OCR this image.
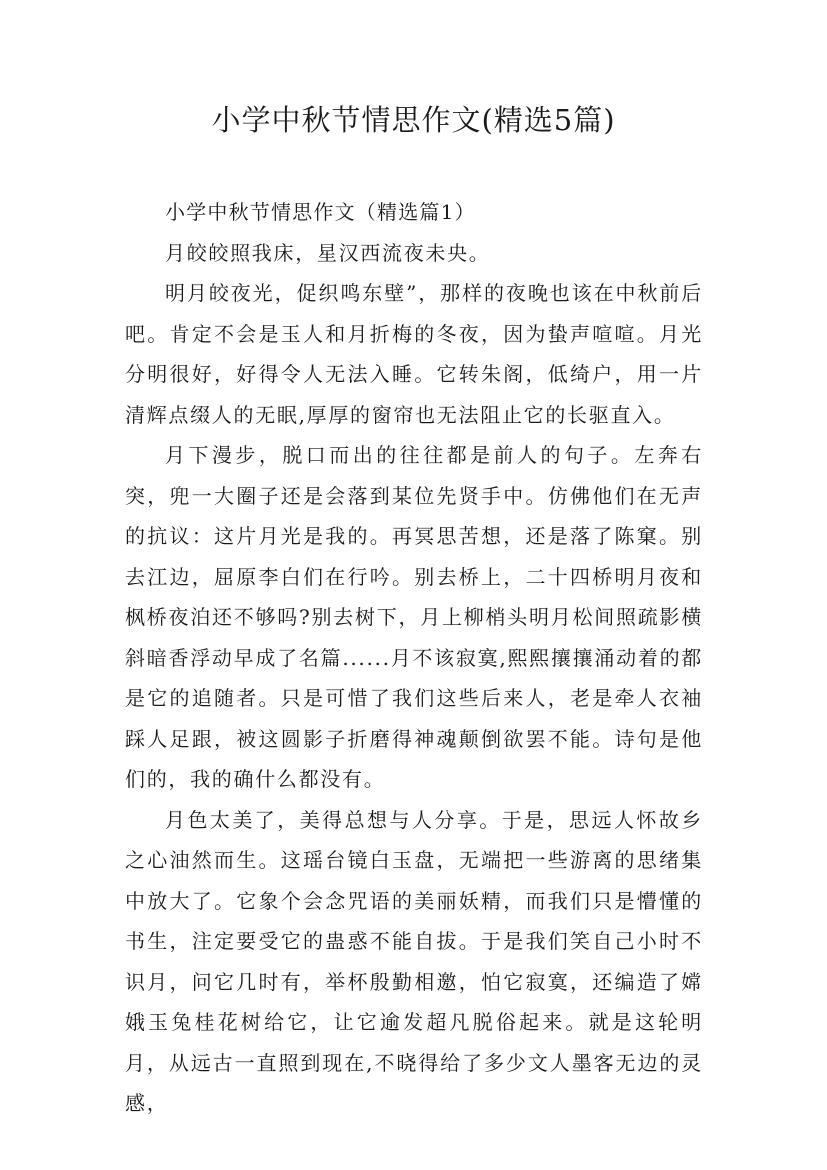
小学中秋节情思作文(精选5篇)

小学中秋节情思作文（精选篇1）

月皎皎照我床，星汉西流夜未央。

明月皎夜光，促织鸣东壁”，那样的夜晚也该在中秋前后吧。肯定不会是玉人和月折梅的冬夜，因为蛰声喧喧。月光分明很好，好得令人无法入睡。它转朱阁，低绮户，用一片清辉点缀人的无眠,厚厚的窗帘也无法阻止它的长驱直入。

月下漫步，脱口而出的往往都是前人的句子。左奔右突，兜一大圈子还是会落到某位先贤手中。仿佛他们在无声的抗议：这片月光是我的。再冥思苦想，还是落了陈窠。别去江边，屈原李白们在行吟。别去桥上，二十四桥明月夜和枫桥夜泊还不够吗?别去树下，月上柳梢头明月松间照疏影横斜暗香浮动早成了名篇......月不该寂寞,熙熙攘攘涌动着的都是它的追随者。只是可惜了我们这些后来人，老是牵人衣袖踩人足跟，被这圆影子折磨得神魂颠倒欲罢不能。诗句是他们的，我的确什么都没有。

月色太美了，美得总想与人分享。于是，思远人怀故乡之心油然而生。这瑶台镜白玉盘，无端把一些游离的思绪集中放大了。它象个会念咒语的美丽妖精，而我们只是懵懂的书生，注定要受它的蛊惑不能自拔。于是我们笑自己小时不识月，问它几时有，举杯殷勤相邀，怕它寂寞，还编造了嫦娥玉兔桂花树给它，让它逾发超凡脱俗起来。就是这轮明月，从远古一直照到现在,不晓得给了多少文人墨客无边的灵感，
